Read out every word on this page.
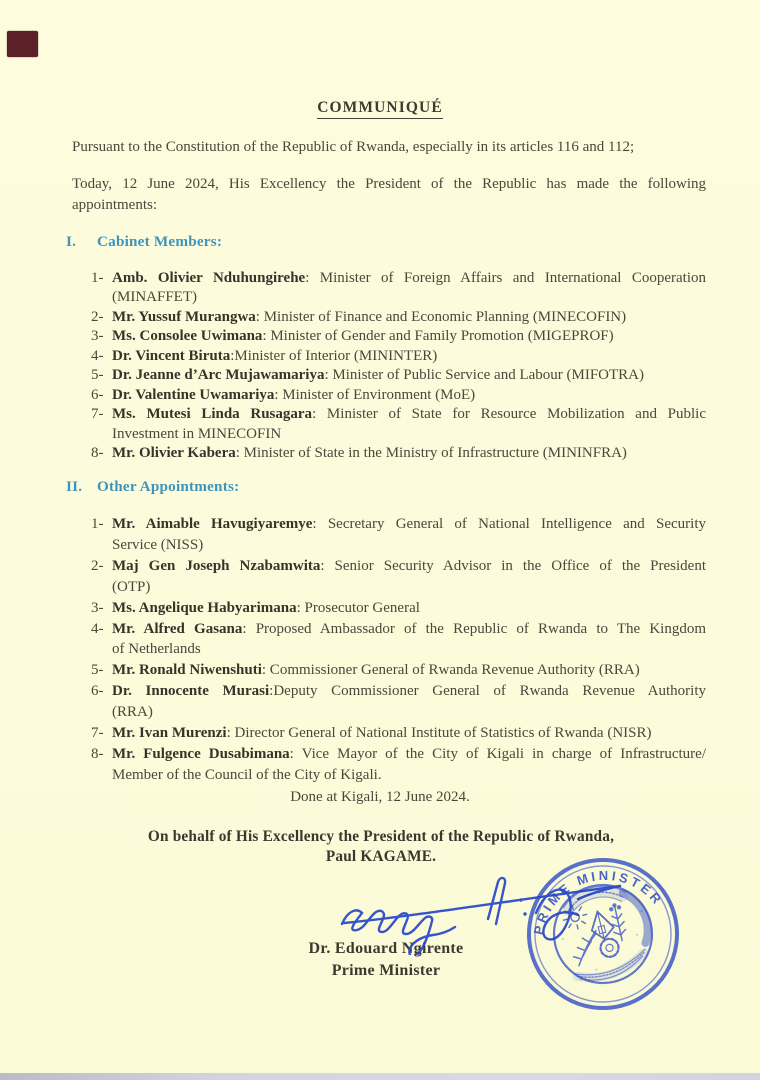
COMMUNIQUÉ
Pursuant to the Constitution of the Republic of Rwanda, especially in its articles 116 and 112;
Today, 12 June 2024, His Excellency the President of the Republic has made the following
appointments:
I. Cabinet Members:
1- Amb. Olivier Nduhungirehe: Minister of Foreign Affairs and International Cooperation
(MINAFFET)
2- Mr. Yussuf Murangwa: Minister of Finance and Economic Planning (MINECOFIN)
3- Ms. Consolee Uwimana: Minister of Gender and Family Promotion (MIGEPROF)
4- Dr. Vincent Biruta:Minister of Interior (MININTER)
5- Dr. Jeanne d’Arc Mujawamariya: Minister of Public Service and Labour (MIFOTRA)
6- Dr. Valentine Uwamariya: Minister of Environment (MoE)
7- Ms. Mutesi Linda Rusagara: Minister of State for Resource Mobilization and Public
Investment in MINECOFIN
8- Mr. Olivier Kabera: Minister of State in the Ministry of Infrastructure (MININFRA)
II. Other Appointments:
1- Mr. Aimable Havugiyaremye: Secretary General of National Intelligence and Security
Service (NISS)
2- Maj Gen Joseph Nzabamwita: Senior Security Advisor in the Office of the President
(OTP)
3- Ms. Angelique Habyarimana: Prosecutor General
4- Mr. Alfred Gasana: Proposed Ambassador of the Republic of Rwanda to The Kingdom
of Netherlands
5- Mr. Ronald Niwenshuti: Commissioner General of Rwanda Revenue Authority (RRA)
6- Dr. Innocente Murasi:Deputy Commissioner General of Rwanda Revenue Authority
(RRA)
7- Mr. Ivan Murenzi: Director General of National Institute of Statistics of Rwanda (NISR)
8- Mr. Fulgence Dusabimana: Vice Mayor of the City of Kigali in charge of Infrastructure/
Member of the Council of the City of Kigali.
Done at Kigali, 12 June 2024.
On behalf of His Excellency the President of the Republic of Rwanda,
Paul KAGAME.
PRIME MINISTER
Dr. Edouard Ngirente
Prime Minister
